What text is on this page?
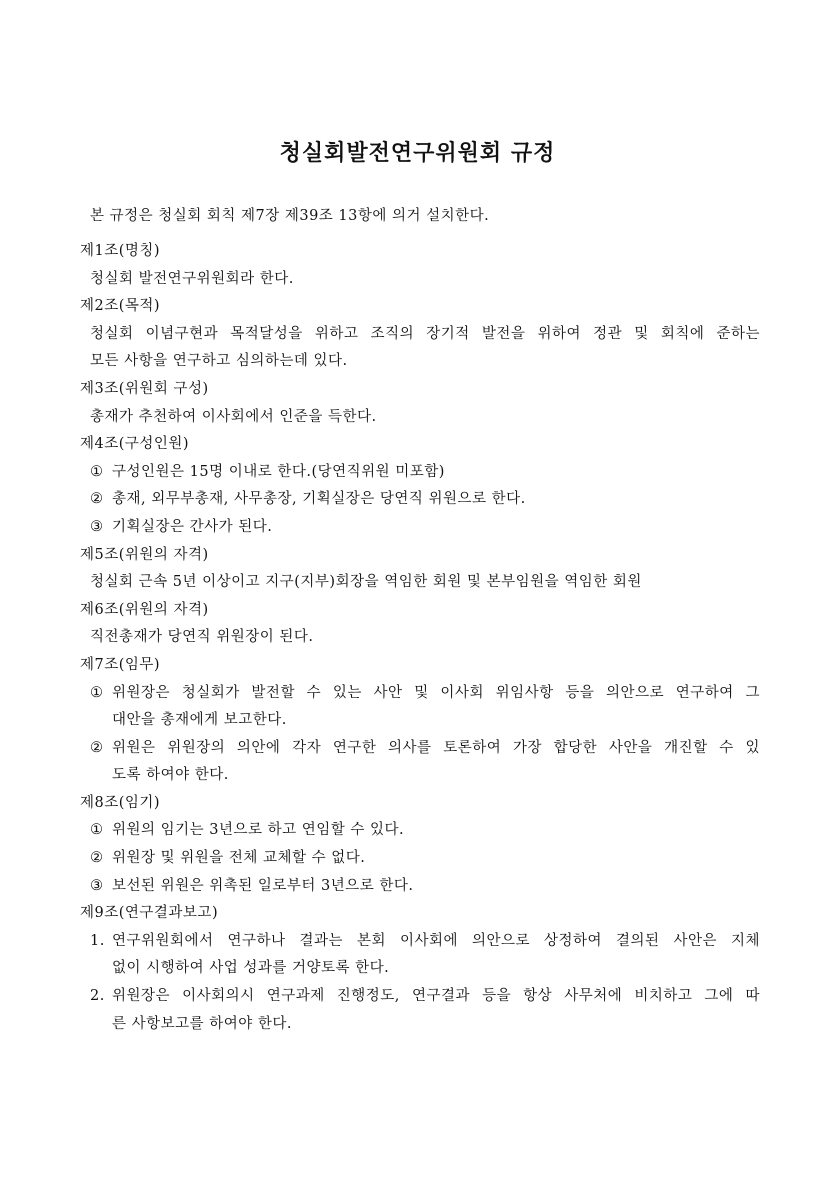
청실회발전연구위원회 규정
본 규정은 청실회 회칙 제7장 제39조 13항에 의거 설치한다.
제1조(명칭)
청실회 발전연구위원회라 한다.
제2조(목적)
청실회 이념구현과 목적달성을 위하고 조직의 장기적 발전을 위하여 정관 및 회칙에 준하는
모든 사항을 연구하고 심의하는데 있다.
제3조(위원회 구성)
총재가 추천하여 이사회에서 인준을 득한다.
제4조(구성인원)
① 구성인원은 15명 이내로 한다.(당연직위원 미포함)
② 총재, 외무부총재, 사무총장, 기획실장은 당연직 위원으로 한다.
③ 기획실장은 간사가 된다.
제5조(위원의 자격)
청실회 근속 5년 이상이고 지구(지부)회장을 역임한 회원 및 본부임원을 역임한 회원
제6조(위원의 자격)
직전총재가 당연직 위원장이 된다.
제7조(임무)
① 위원장은 청실회가 발전할 수 있는 사안 및 이사회 위임사항 등을 의안으로 연구하여 그
대안을 총재에게 보고한다.
② 위원은 위원장의 의안에 각자 연구한 의사를 토론하여 가장 합당한 사안을 개진할 수 있
도록 하여야 한다.
제8조(임기)
① 위원의 임기는 3년으로 하고 연임할 수 있다.
② 위원장 및 위원을 전체 교체할 수 없다.
③ 보선된 위원은 위촉된 일로부터 3년으로 한다.
제9조(연구결과보고)
1. 연구위원회에서 연구하나 결과는 본회 이사회에 의안으로 상정하여 결의된 사안은 지체
없이 시행하여 사업 성과를 거양토록 한다.
2. 위원장은 이사회의시 연구과제 진행정도, 연구결과 등을 항상 사무처에 비치하고 그에 따
른 사항보고를 하여야 한다.
